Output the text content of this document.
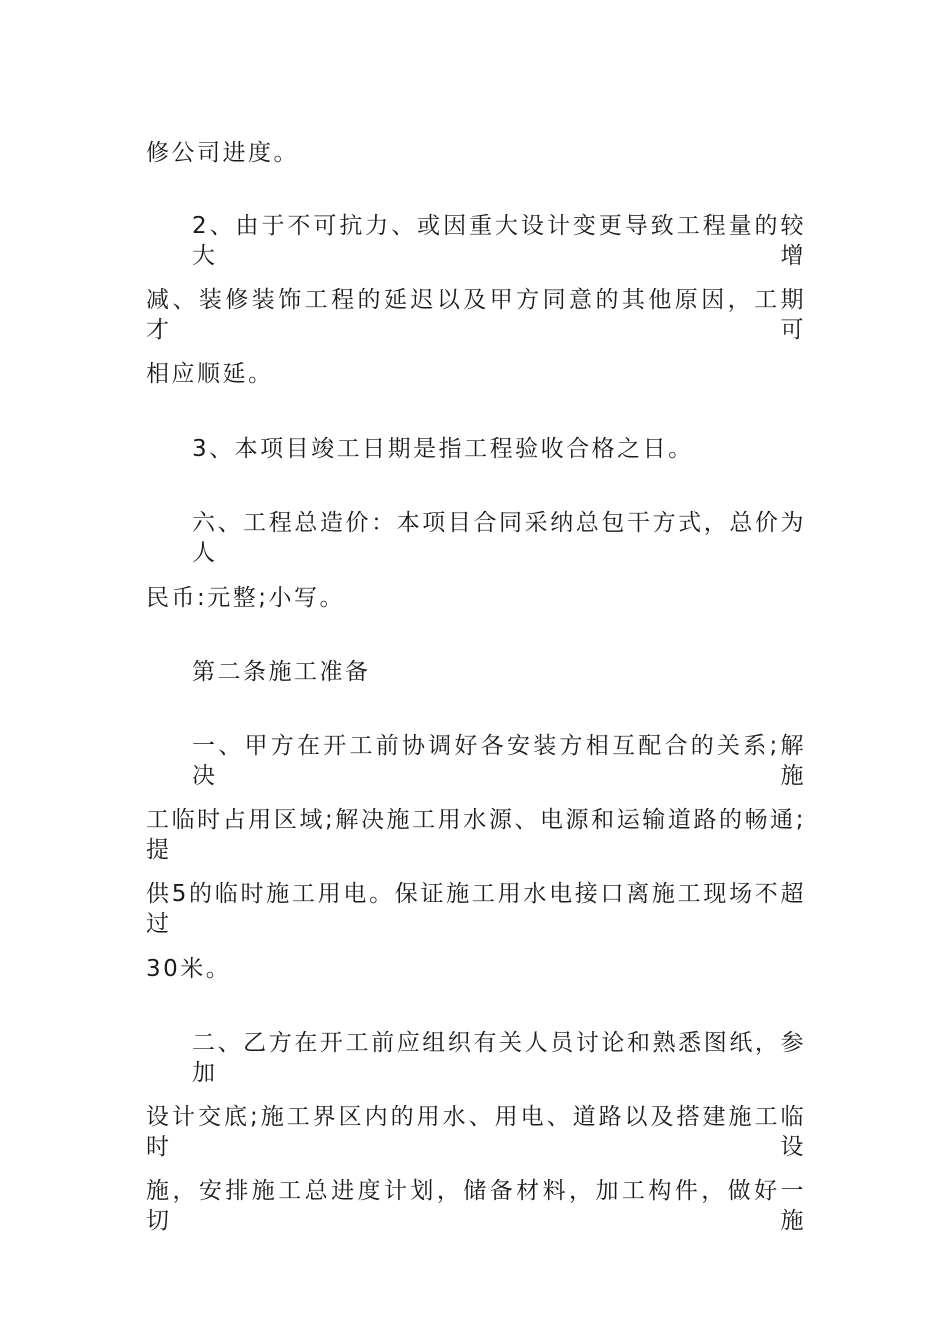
修公司进度。

2、由于不可抗力、或因重大设计变更导致工程量的较大增

减、装修装饰工程的延迟以及甲方同意的其他原因，工期才可

相应顺延。

3、本项目竣工日期是指工程验收合格之日。

六、工程总造价：本项目合同采纳总包干方式，总价为人

民币:元整;小写。

第二条施工准备

一、甲方在开工前协调好各安装方相互配合的关系;解决施

工临时占用区域;解决施工用水源、电源和运输道路的畅通;提

供5的临时施工用电。保证施工用水电接口离施工现场不超过

30米。

二、乙方在开工前应组织有关人员讨论和熟悉图纸，参加

设计交底;施工界区内的用水、用电、道路以及搭建施工临时设

施，安排施工总进度计划，储备材料，加工构件，做好一切施
